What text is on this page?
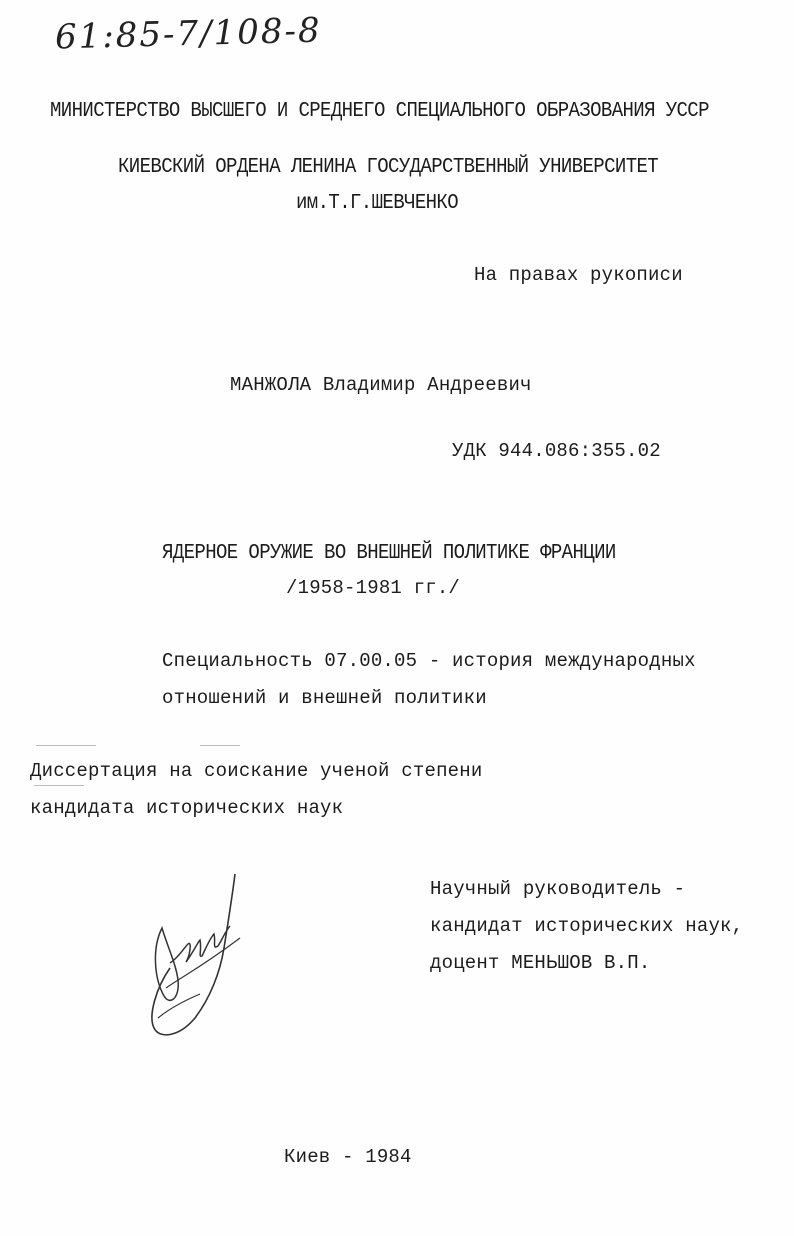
61:85-7/108-8
МИНИСТЕРСТВО ВЫСШЕГО И СРЕДНЕГО СПЕЦИАЛЬНОГО ОБРАЗОВАНИЯ УССР
КИЕВСКИЙ ОРДЕНА ЛЕНИНА ГОСУДАРСТВЕННЫЙ УНИВЕРСИТЕТ
им.Т.Г.ШЕВЧЕНКО
На правах рукописи
МАНЖОЛА Владимир Андреевич
УДК 944.086:355.02
ЯДЕРНОЕ ОРУЖИЕ ВО ВНЕШНЕЙ ПОЛИТИКЕ ФРАНЦИИ
/1958-1981 гг./
Специальность 07.00.05 - история международных
отношений и внешней политики
Диссертация на соискание ученой степени
кандидата исторических наук
Научный руководитель -
кандидат исторических наук,
доцент МЕНЬШОВ В.П.
Киев - 1984
